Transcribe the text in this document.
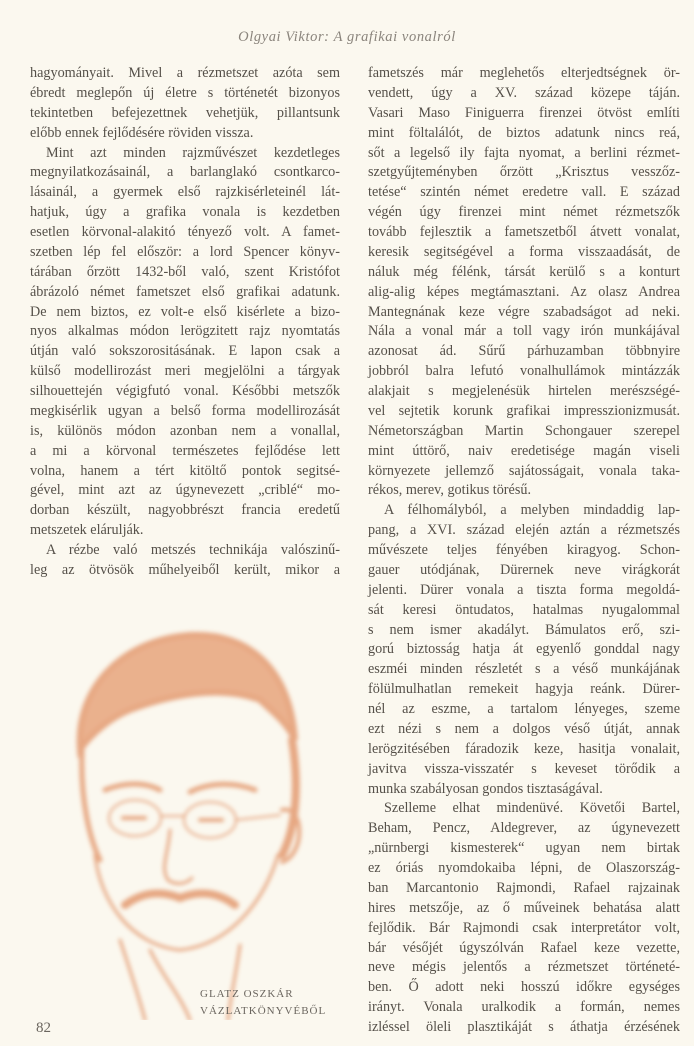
Olgyai Viktor: A grafikai vonalról
hagyományait. Mivel a rézmetszet azóta sem
ébredt meglepőn új életre s történetét bizonyos
tekintetben befejezettnek vehetjük, pillantsunk
előbb ennek fejlődésére röviden vissza.
Mint azt minden rajzművészet kezdetleges
megnyilatkozásainál, a barlanglakó csontkarco-
lásainál, a gyermek első rajzkisérleteinél lát-
hatjuk, úgy a grafika vonala is kezdetben
esetlen körvonal-alakitó tényező volt. A famet-
szetben lép fel először: a lord Spencer könyv-
tárában őrzött 1432-ből való, szent Kristófot
ábrázoló német fametszet első grafikai adatunk.
De nem biztos, ez volt-e első kisérlete a bizo-
nyos alkalmas módon lerögzitett rajz nyomtatás
útján való sokszorositásának. E lapon csak a
külső modellirozást meri megjelölni a tárgyak
silhouettején végigfutó vonal. Későbbi metszők
megkisérlik ugyan a belső forma modellirozását
is, különös módon azonban nem a vonallal,
a mi a körvonal természetes fejlődése lett
volna, hanem a tért kitöltő pontok segitsé-
gével, mint azt az úgynevezett „criblé“ mo-
dorban készült, nagyobbrészt francia eredetű
metszetek elárulják.
A rézbe való metszés technikája valószinű-
leg az ötvösök műhelyeiből került, mikor a
fametszés már meglehetős elterjedtségnek ör-
vendett, úgy a XV. század közepe táján.
Vasari Maso Finiguerra firenzei ötvöst említi
mint föltalálót, de biztos adatunk nincs reá,
sőt a legelső ily fajta nyomat, a berlini rézmet-
szetgyűjteményben őrzött „Krisztus vesszőz-
tetése“ szintén német eredetre vall. E század
végén úgy firenzei mint német rézmetszők
tovább fejlesztik a fametszetből átvett vonalat,
keresik segitségével a forma visszaadását, de
náluk még félénk, társát kerülő s a konturt
alig-alig képes megtámasztani. Az olasz Andrea
Mantegnának keze végre szabadságot ad neki.
Nála a vonal már a toll vagy irón munkájával
azonosat ád. Sűrű párhuzamban többnyire
jobbról balra lefutó vonalhullámok mintázzák
alakjait s megjelenésük hirtelen merészségé-
vel sejtetik korunk grafikai impresszionizmusát.
Németországban Martin Schongauer szerepel
mint úttörő, naiv eredetisége magán viseli
környezete jellemző sajátosságait, vonala taka-
rékos, merev, gotikus törésű.
A félhomályból, a melyben mindaddig lap-
pang, a XVI. század elején aztán a rézmetszés
művészete teljes fényében kiragyog. Schon-
gauer utódjának, Dürernek neve virágkorát
jelenti. Dürer vonala a tiszta forma megoldá-
sát keresi öntudatos, hatalmas nyugalommal
s nem ismer akadályt. Bámulatos erő, szi-
gorú biztosság hatja át egyenlő gonddal nagy
eszméi minden részletét s a véső munkájának
fölülmulhatlan remekeit hagyja reánk. Dürer-
nél az eszme, a tartalom lényeges, szeme
ezt nézi s nem a dolgos véső útját, annak
lerögzitésében fáradozik keze, hasitja vonalait,
javitva vissza-visszatér s keveset törődik a
munka szabályosan gondos tisztaságával.
Szelleme elhat mindenüvé. Követői Bartel,
Beham, Pencz, Aldegrever, az úgynevezett
„nürnbergi kismesterek“ ugyan nem birtak
ez óriás nyomdokaiba lépni, de Olaszország-
ban Marcantonio Rajmondi, Rafael rajzainak
hires metszője, az ő műveinek behatása alatt
fejlődik. Bár Rajmondi csak interpretátor volt,
bár vésőjét úgyszólván Rafael keze vezette,
neve mégis jelentős a rézmetszet történeté-
ben. Ő adott neki hosszú időkre egységes
irányt. Vonala uralkodik a formán, nemes
izléssel öleli plasztikáját s áthatja érzésének
GLATZ OSZKÁR
VÁZLATKÖNYVÉBŐL
82
